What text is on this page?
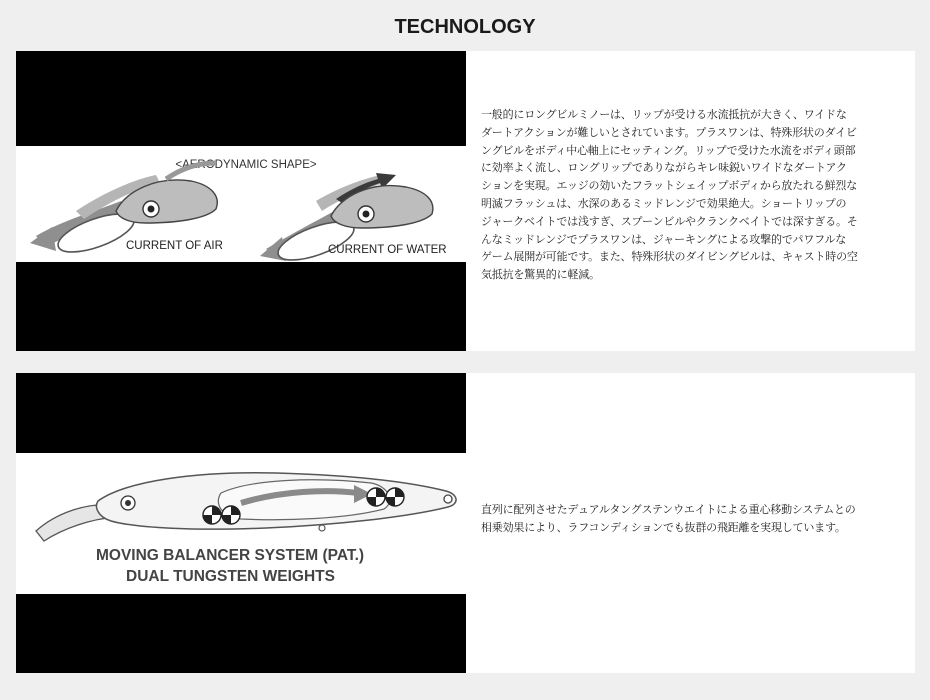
TECHNOLOGY
<AERODYNAMIC SHAPE>
CURRENT OF AIR	CURRENT OF WATER
一般的にロングビルミノーは、リップが受ける水流抵抗が大きく、ワイドな
ダートアクションが難しいとされています。プラスワンは、特殊形状のダイビ
ングビルをボディ中心軸上にセッティング。リップで受けた水流をボディ頭部
に効率よく流し、ロングリップでありながらキレ味鋭いワイドなダートアク
ションを実現。エッジの効いたフラットシェイップボディから放たれる鮮烈な
明滅フラッシュは、水深のあるミッドレンジで効果絶大。ショートリップの
ジャークベイトでは浅すぎ、スプーンビルやクランクベイトでは深すぎる。そ
んなミッドレンジでプラスワンは、ジャーキングによる攻撃的でパワフルな
ゲーム展開が可能です。また、特殊形状のダイビングビルは、キャスト時の空
気抵抗を驚異的に軽減。
MOVING BALANCER SYSTEM (PAT.)
DUAL TUNGSTEN WEIGHTS
直列に配列させたデュアルタングステンウエイトによる重心移動システムとの
相乗効果により、ラフコンディションでも抜群の飛距離を実現しています。
